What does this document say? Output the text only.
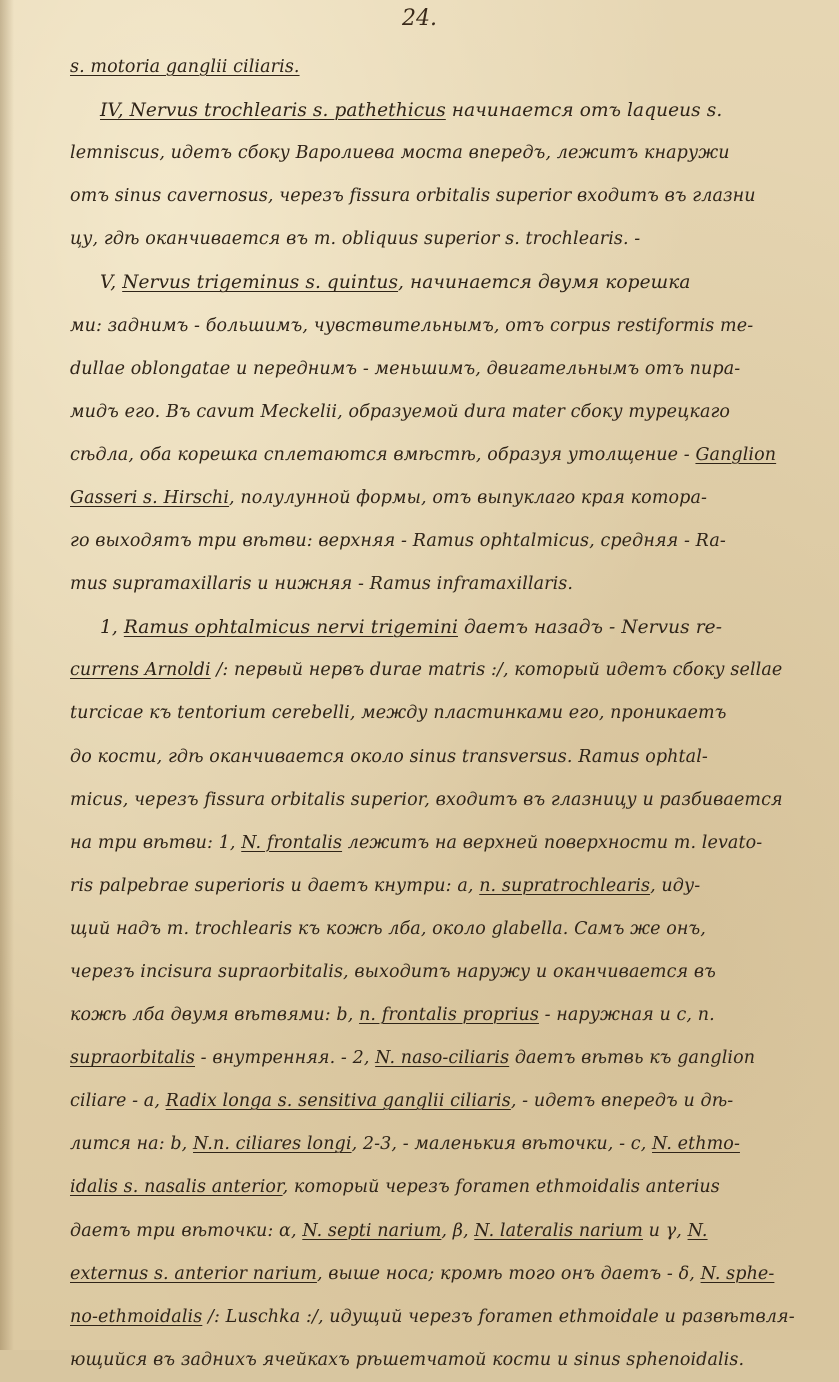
24.
s. motoria ganglii ciliaris.
IV, Nervus trochlearis s. pathethicus начинается отъ laqueus s.
lemniscus, идетъ сбоку Варолиева моста впередъ, лежитъ кнаружи
отъ sinus cavernosus, черезъ fissura orbitalis superior входитъ въ глазни
цу, гдѣ оканчивается въ m. obliquus superior s. trochlearis. -
V, Nervus trigeminus s. quintus, начинается двумя корешка
ми: заднимъ - большимъ, чувствительнымъ, отъ corpus restiformis me-
dullae oblongatae и переднимъ - меньшимъ, двигательнымъ отъ пира-
мидъ его. Въ cavum Meckelii, образуемой dura mater сбоку турецкаго
сѣдла, оба корешка сплетаются вмѣстѣ, образуя утолщение - Ganglion
Gasseri s. Hirschi, полулунной формы, отъ выпуклаго края котора-
го выходятъ три вѣтви: верхняя - Ramus ophtalmicus, средняя - Ra-
mus supramaxillaris и нижняя - Ramus inframaxillaris.
1, Ramus ophtalmicus nervi trigemini даетъ назадъ - Nervus re-
currens Arnoldi /: первый нервъ durae matris :/, который идетъ сбоку sellae
turcicae къ tentorium cerebelli, между пластинками его, проникаетъ
до кости, гдѣ оканчивается около sinus transversus. Ramus ophtal-
micus, черезъ fissura orbitalis superior, входитъ въ глазницу и разбивается
на три вѣтви: 1, N. frontalis лежитъ на верхней поверхности m. levato-
ris palpebrae superioris и даетъ кнутри: a, n. supratrochlearis, иду-
щий надъ m. trochlearis къ кожѣ лба, около glabella. Самъ же онъ,
черезъ incisura supraorbitalis, выходитъ наружу и оканчивается въ
кожѣ лба двумя вѣтвями: b, n. frontalis proprius - наружная и c, n.
supraorbitalis - внутренняя. - 2, N. naso-ciliaris даетъ вѣтвь къ ganglion
ciliare - a, Radix longa s. sensitiva ganglii ciliaris, - идетъ впередъ и дѣ-
лится на: b, N.n. ciliares longi, 2-3, - маленькия вѣточки, - c, N. ethmo-
idalis s. nasalis anterior, который черезъ foramen ethmoidalis anterius
даетъ три вѣточки: α, N. septi narium, β, N. lateralis narium и γ, N.
externus s. anterior narium, выше носа; кромѣ того онъ даетъ - δ, N. sphe-
no-ethmoidalis /: Luschka :/, идущий черезъ foramen ethmoidale и развѣтвля-
ющийся въ заднихъ ячейкахъ рѣшетчатой кости и sinus sphenoidalis.
